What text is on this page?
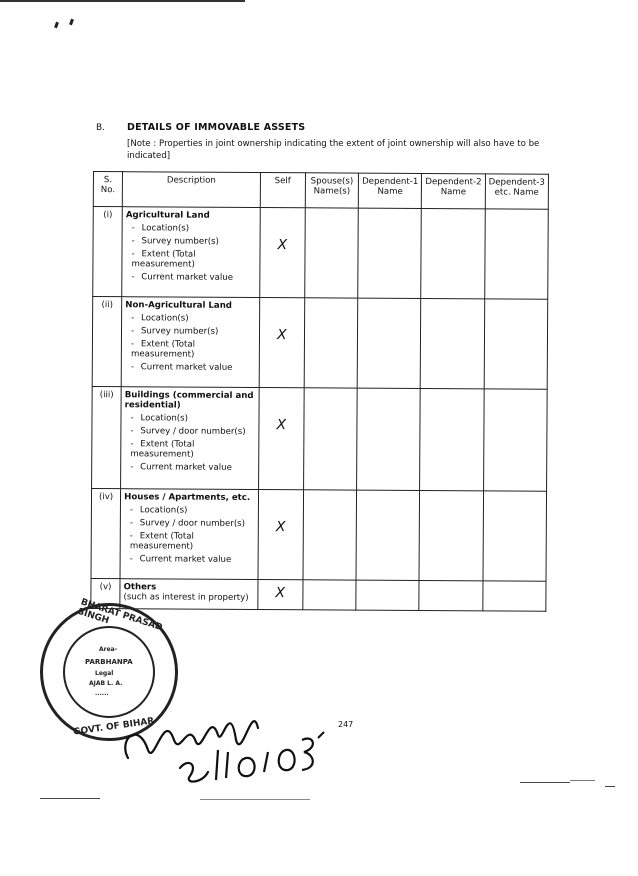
B. DETAILS OF IMMOVABLE ASSETS
[Note : Properties in joint ownership indicating the extent of joint ownership will also have to be indicated]
S. No.	Description	Self	Spouse(s) Name(s)	Dependent-1 Name	Dependent-2 Name	Dependent-3 etc. Name
(i)	Agricultural Land
- Location(s)
- Survey number(s)
- Extent (Total measurement)
- Current market value	X				

(ii)	Non-Agricultural Land
- Location(s)
- Survey number(s)
- Extent (Total measurement)
- Current market value	X				

(iii)	Buildings (commercial and residential)
- Location(s)
- Survey / door number(s)
- Extent (Total measurement)
- Current market value	X				

(iv)	Houses / Apartments, etc.
- Location(s)
- Survey / door number(s)
- Extent (Total measurement)
- Current market value	X				

(v)	Others
(such as interest in property)	X				

BHARAT PRASAD SINGH
GOVT. OF BIHAR
Area-
PARBHANPA
Legal
AJAB L. A.
......
247
